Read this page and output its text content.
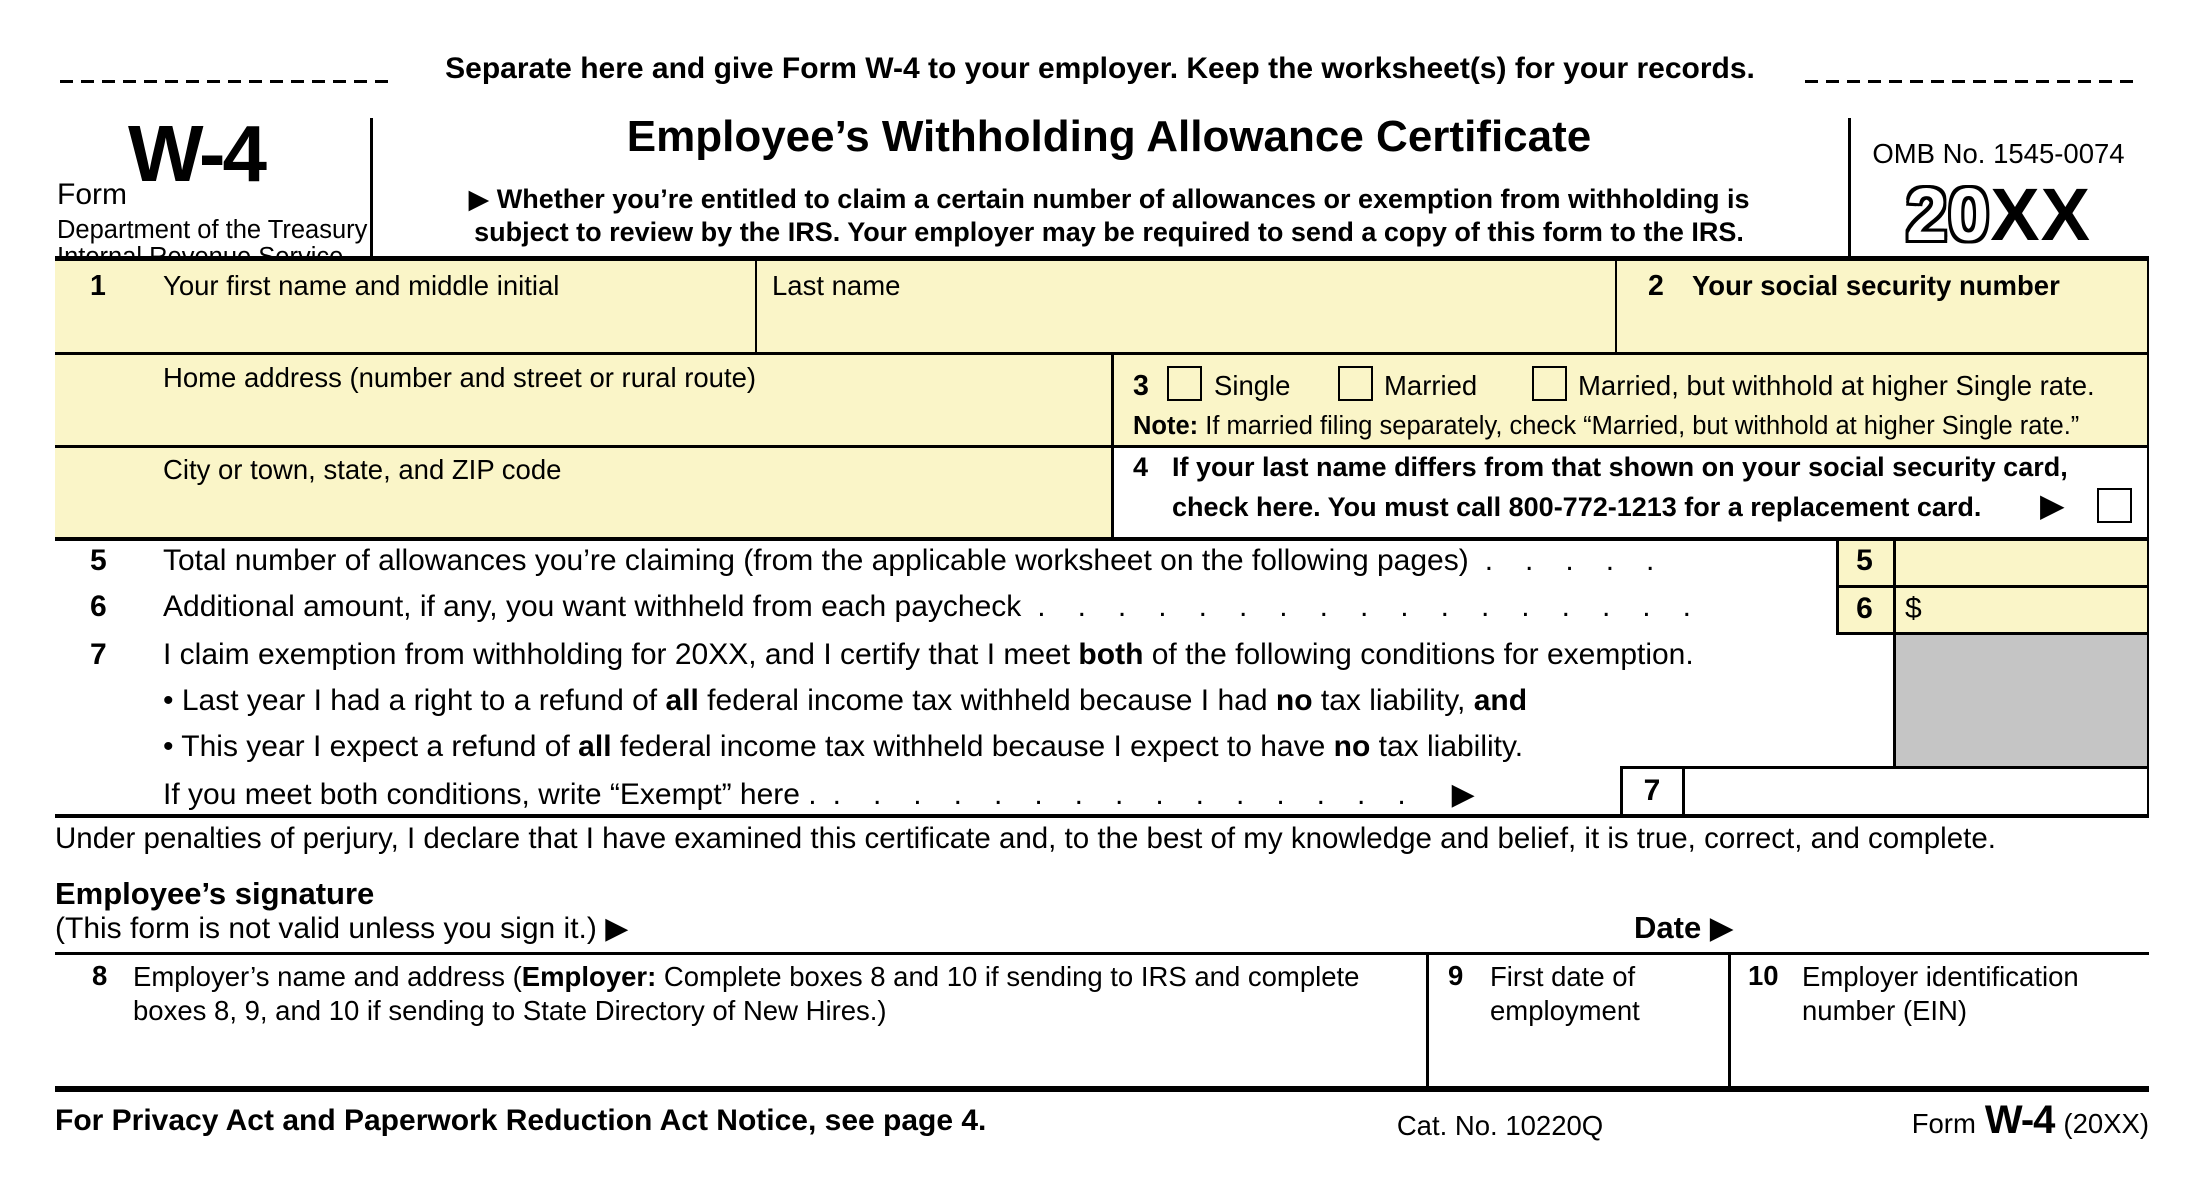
Separate here and give Form W-4 to your employer. Keep the worksheet(s) for your records.
Form W-4
Department of the Treasury
Employee’s Withholding Allowance Certificate
▶ Whether you’re entitled to claim a certain number of allowances or exemption from withholding is
subject to review by the IRS. Your employer may be required to send a copy of this form to the IRS.
OMB No. 1545-0074
20XX
1 Your first name and middle initial	Last name	2 Your social security number
Home address (number and street or rural route)	3 Single	Married	Married, but withhold at higher Single rate.
Note: If married filing separately, check “Married, but withhold at higher Single rate.”
City or town, state, and ZIP code	4 If your last name differs from that shown on your social security card,
check here. You must call 800-772-1213 for a replacement card. ▶
5 Total number of allowances you’re claiming (from the applicable worksheet on the following pages) .....	5
6 Additional amount, if any, you want withheld from each paycheck .................	6	$
7 I claim exemption from withholding for 20XX, and I certify that I meet both of the following conditions for exemption.
• Last year I had a right to a refund of all federal income tax withheld because I had no tax liability, and
• This year I expect a refund of all federal income tax withheld because I expect to have no tax liability.
If you meet both conditions, write “Exempt” here . ............... ▶	7
Under penalties of perjury, I declare that I have examined this certificate and, to the best of my knowledge and belief, it is true, correct, and complete.
Employee’s signature
(This form is not valid unless you sign it.) ▶	Date ▶
8 Employer’s name and address (Employer: Complete boxes 8 and 10 if sending to IRS and complete
boxes 8, 9, and 10 if sending to State Directory of New Hires.)
9 First date of
employment
10 Employer identification
number (EIN)
For Privacy Act and Paperwork Reduction Act Notice, see page 4.	Cat. No. 10220Q	Form W-4 (20XX)
